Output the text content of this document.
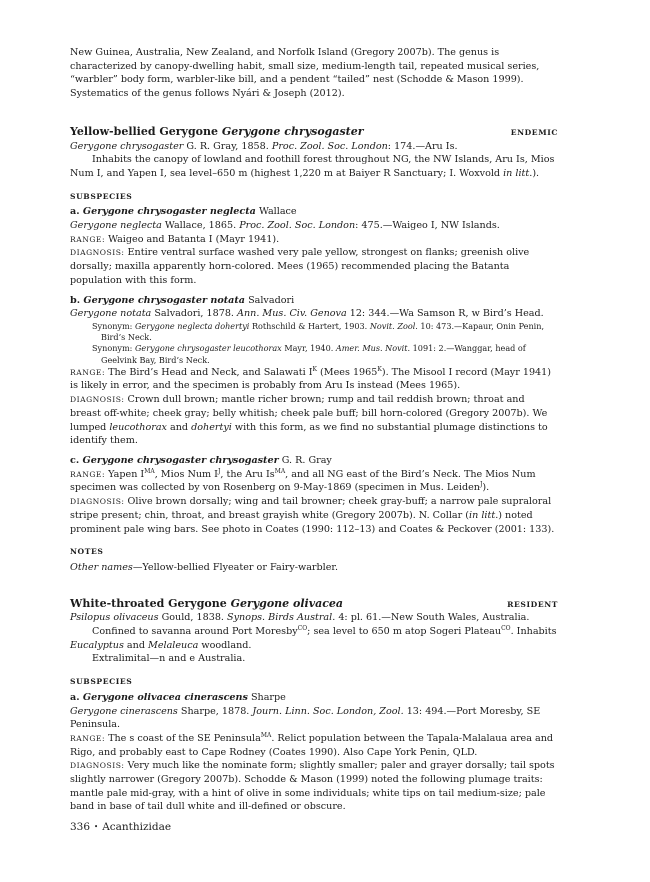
New Guinea, Australia, New Zealand, and Norfolk Island (Gregory 2007b). The genus is characterized by canopy-dwelling habit, small size, medium-length tail, repeated musical series, “warbler” body form, warbler-like bill, and a pendent “tailed” nest (Schodde & Mason 1999). Systematics of the genus follows Nyári & Joseph (2012).

Yellow-bellied Gerygone Gerygone chrysogaster	ENDEMIC

Gerygone chrysogaster G. R. Gray, 1858. Proc. Zool. Soc. London: 174.—Aru Is.

Inhabits the canopy of lowland and foothill forest throughout NG, the NW Islands, Aru Is, Mios Num I, and Yapen I, sea level–650 m (highest 1,220 m at Baiyer R Sanctuary; I. Woxvold in litt.).

SUBSPECIES

a. Gerygone chrysogaster neglecta Wallace

Gerygone neglecta Wallace, 1865. Proc. Zool. Soc. London: 475.—Waigeo I, NW Islands.

RANGE: Waigeo and Batanta I (Mayr 1941).

DIAGNOSIS: Entire ventral surface washed very pale yellow, strongest on flanks; greenish olive dorsally; maxilla apparently horn-colored. Mees (1965) recommended placing the Batanta population with this form.

b. Gerygone chrysogaster notata Salvadori

Gerygone notata Salvadori, 1878. Ann. Mus. Civ. Genova 12: 344.—Wa Samson R, w Bird’s Head.

Synonym: Gerygone neglecta dohertyi Rothschild & Hartert, 1903. Novit. Zool. 10: 473.—Kapaur, Onin Penin, Bird’s Neck.

Synonym: Gerygone chrysogaster leucothorax Mayr, 1940. Amer. Mus. Novit. 1091: 2.—Wanggar, head of Geelvink Bay, Bird’s Neck.

RANGE: The Bird’s Head and Neck, and Salawati $I^K$ (Mees $1965^K$). The Misool I record (Mayr 1941) is likely in error, and the specimen is probably from Aru Is instead (Mees 1965).

DIAGNOSIS: Crown dull brown; mantle richer brown; rump and tail reddish brown; throat and breast off-white; cheek gray; belly whitish; cheek pale buff; bill horn-colored (Gregory 2007b). We lumped leucothorax and dohertyi with this form, as we find no substantial plumage distinctions to identify them.

c. Gerygone chrysogaster chrysogaster G. R. Gray

RANGE: Yapen $I^{MA}$, Mios Num $I^J$, the Aru $Is^{MA}$, and all NG east of the Bird’s Neck. The Mios Num specimen was collected by von Rosenberg on 9-May-1869 (specimen in Mus. Leiden$^J$).

DIAGNOSIS: Olive brown dorsally; wing and tail browner; cheek gray-buff; a narrow pale supraloral stripe present; chin, throat, and breast grayish white (Gregory 2007b). N. Collar (in litt.) noted prominent pale wing bars. See photo in Coates (1990: 112–13) and Coates & Peckover (2001: 133).

NOTES

Other names—Yellow-bellied Flyeater or Fairy-warbler.

White-throated Gerygone Gerygone olivacea	RESIDENT

Psilopus olivaceus Gould, 1838. Synops. Birds Austral. 4: pl. 61.—New South Wales, Australia.

Confined to savanna around Port Moresby$^{CO}$; sea level to 650 m atop Sogeri Plateau$^{CO}$. Inhabits Eucalyptus and Melaleuca woodland.

Extralimital—n and e Australia.

SUBSPECIES

a. Gerygone olivacea cinerascens Sharpe

Gerygone cinerascens Sharpe, 1878. Journ. Linn. Soc. London, Zool. 13: 494.—Port Moresby, SE Peninsula.

RANGE: The s coast of the SE Peninsula$^{MA}$. Relict population between the Tapala-Malalaua area and Rigo, and probably east to Cape Rodney (Coates 1990). Also Cape York Penin, QLD.

DIAGNOSIS: Very much like the nominate form; slightly smaller; paler and grayer dorsally; tail spots slightly narrower (Gregory 2007b). Schodde & Mason (1999) noted the following plumage traits: mantle pale mid-gray, with a hint of olive in some individuals; white tips on tail medium-size; pale band in base of tail dull white and ill-defined or obscure.

336 • Acanthizidae
